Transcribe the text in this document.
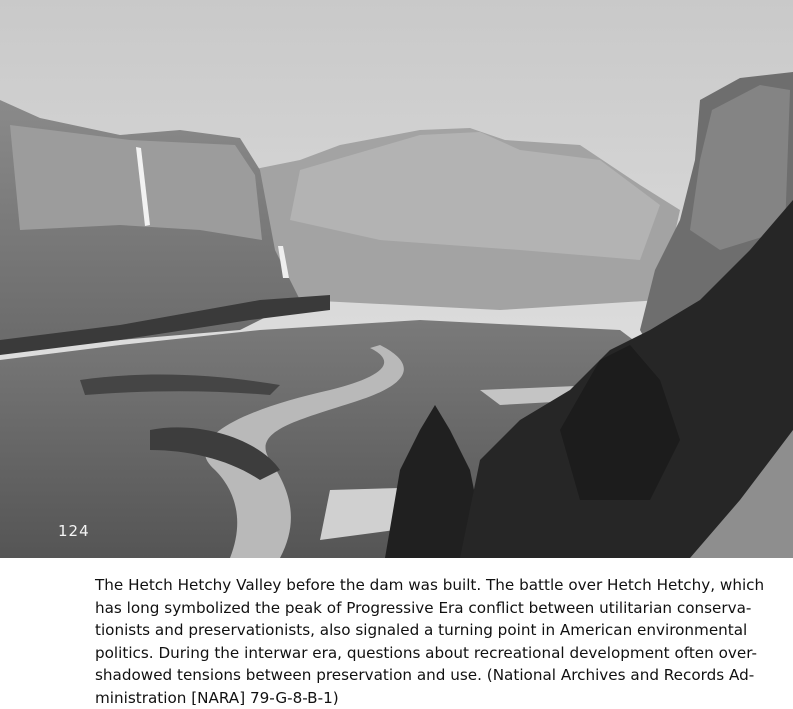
124
The Hetch Hetchy Valley before the dam was built. The battle over Hetch Hetchy, which
has long symbolized the peak of Progressive Era conflict between utilitarian conserva-
tionists and preservationists, also signaled a turning point in American environmental
politics. During the interwar era, questions about recreational development often over-
shadowed tensions between preservation and use. (National Archives and Records Ad-
ministration [NARA] 79-G-8-B-1)
